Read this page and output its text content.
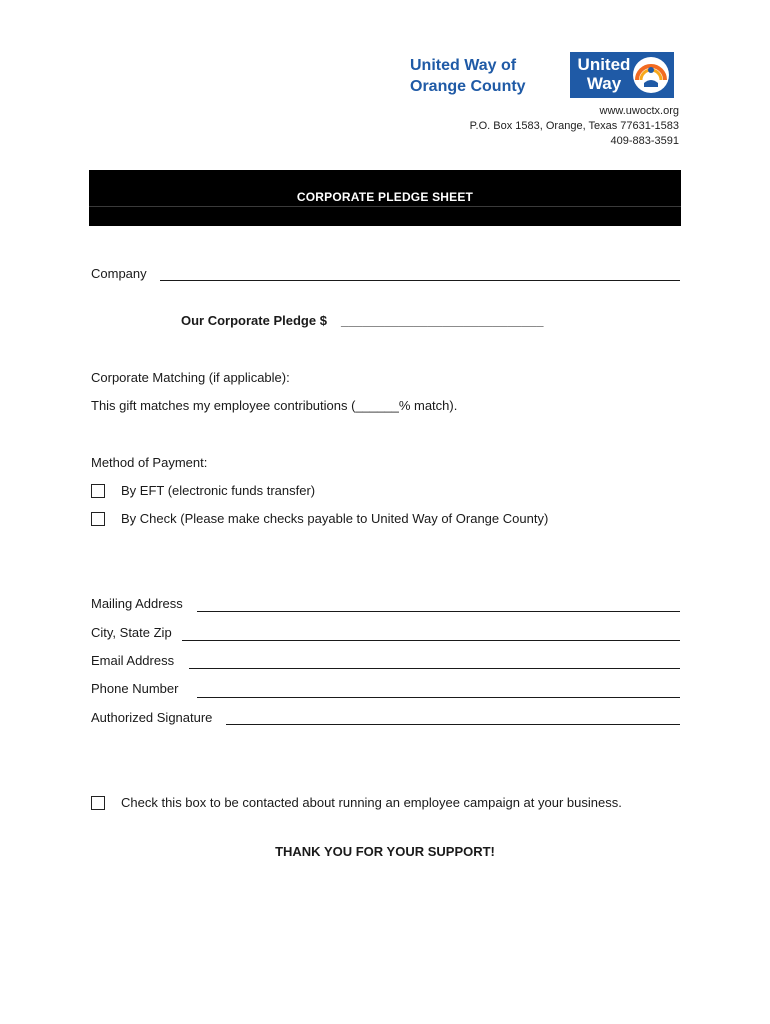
United Way of
Orange County
United
Way
www.uwoctx.org
P.O. Box 1583, Orange, Texas 77631-1583
409-883-3591
CORPORATE PLEDGE SHEET
Company
Our Corporate Pledge $ ____________________________
Corporate Matching (if applicable):
This gift matches my employee contributions (______% match).
Method of Payment:
By EFT (electronic funds transfer)
By Check (Please make checks payable to United Way of Orange County)
Mailing Address
City, State Zip
Email Address
Phone Number
Authorized Signature
Check this box to be contacted about running an employee campaign at your business.
THANK YOU FOR YOUR SUPPORT!
